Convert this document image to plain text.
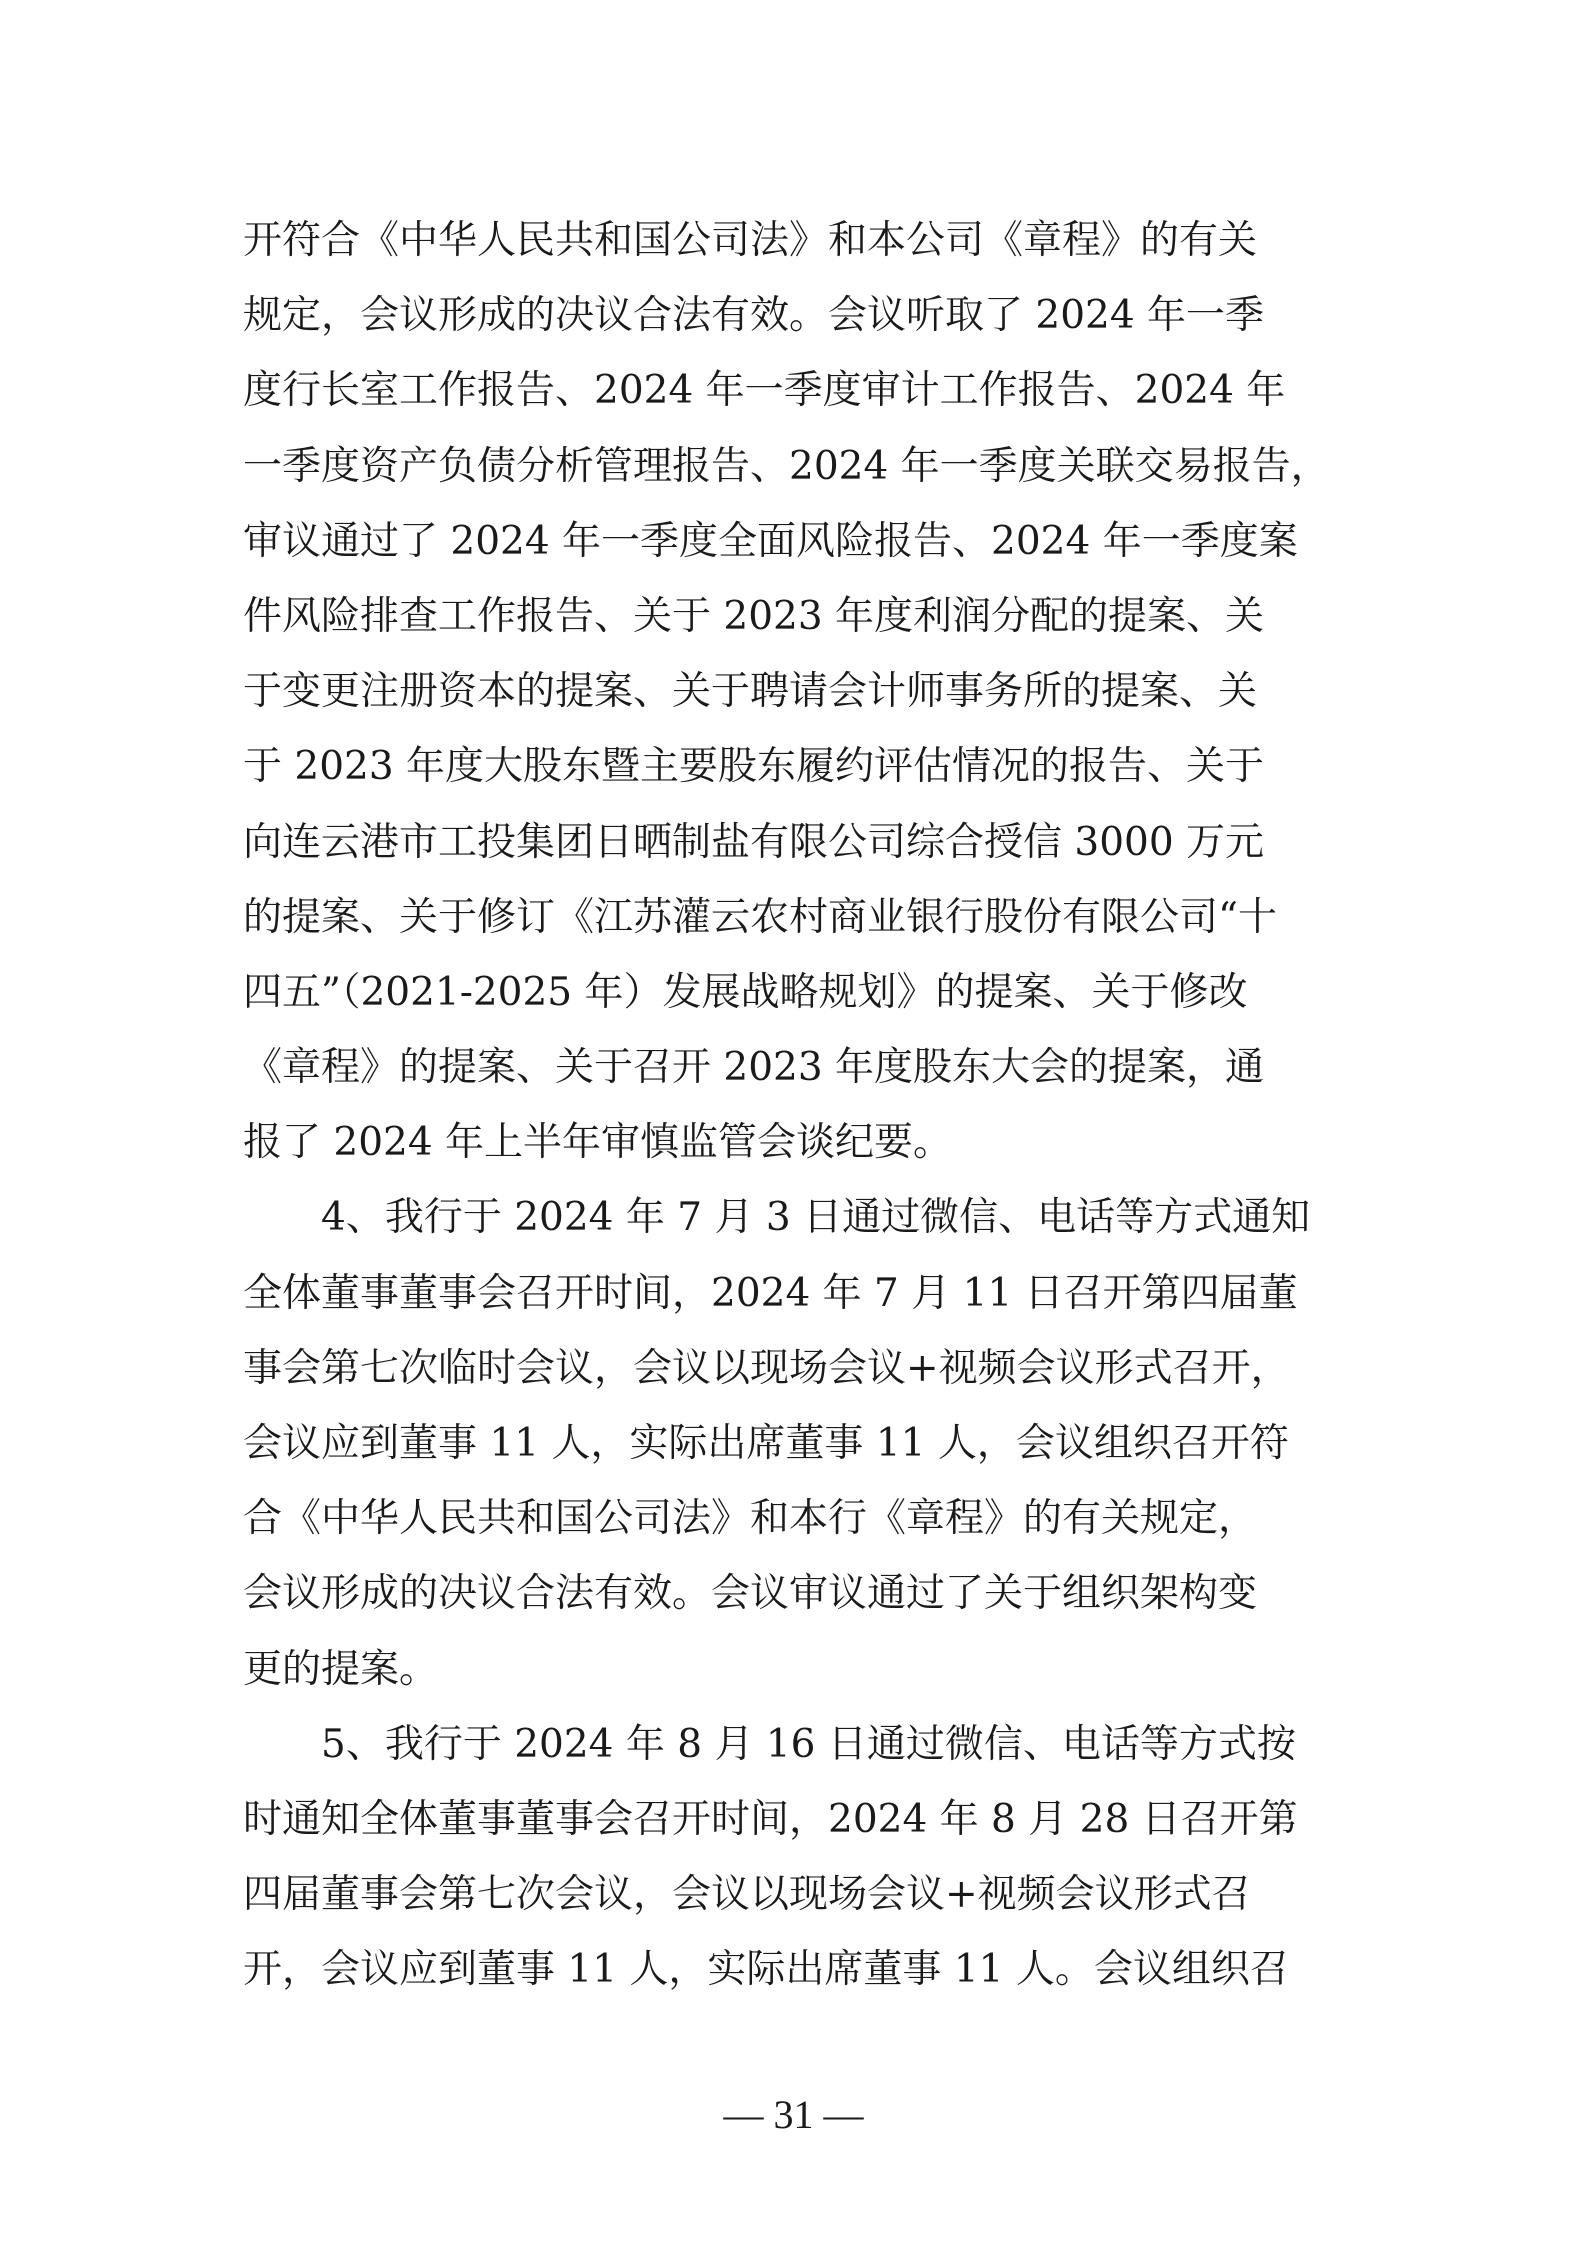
开符合《中华人民共和国公司法》和本公司《章程》的有关
规定，会议形成的决议合法有效。会议听取了 2024 年一季
度行长室工作报告、2024 年一季度审计工作报告、2024 年
一季度资产负债分析管理报告、2024 年一季度关联交易报告，
审议通过了 2024 年一季度全面风险报告、2024 年一季度案
件风险排查工作报告、关于 2023 年度利润分配的提案、关
于变更注册资本的提案、关于聘请会计师事务所的提案、关
于 2023 年度大股东暨主要股东履约评估情况的报告、关于
向连云港市工投集团日晒制盐有限公司综合授信 3000 万元
的提案、关于修订《江苏灌云农村商业银行股份有限公司“十
四五”（2021-2025 年）发展战略规划》的提案、关于修改
《章程》的提案、关于召开 2023 年度股东大会的提案，通
报了 2024 年上半年审慎监管会谈纪要。
　　4、我行于 2024 年 7 月 3 日通过微信、电话等方式通知
全体董事董事会召开时间，2024 年 7 月 11 日召开第四届董
事会第七次临时会议，会议以现场会议+视频会议形式召开，
会议应到董事 11 人，实际出席董事 11 人，会议组织召开符
合《中华人民共和国公司法》和本行《章程》的有关规定，
会议形成的决议合法有效。会议审议通过了关于组织架构变
更的提案。
　　5、我行于 2024 年 8 月 16 日通过微信、电话等方式按
时通知全体董事董事会召开时间，2024 年 8 月 28 日召开第
四届董事会第七次会议，会议以现场会议+视频会议形式召
开，会议应到董事 11 人，实际出席董事 11 人。会议组织召
— 31 —
